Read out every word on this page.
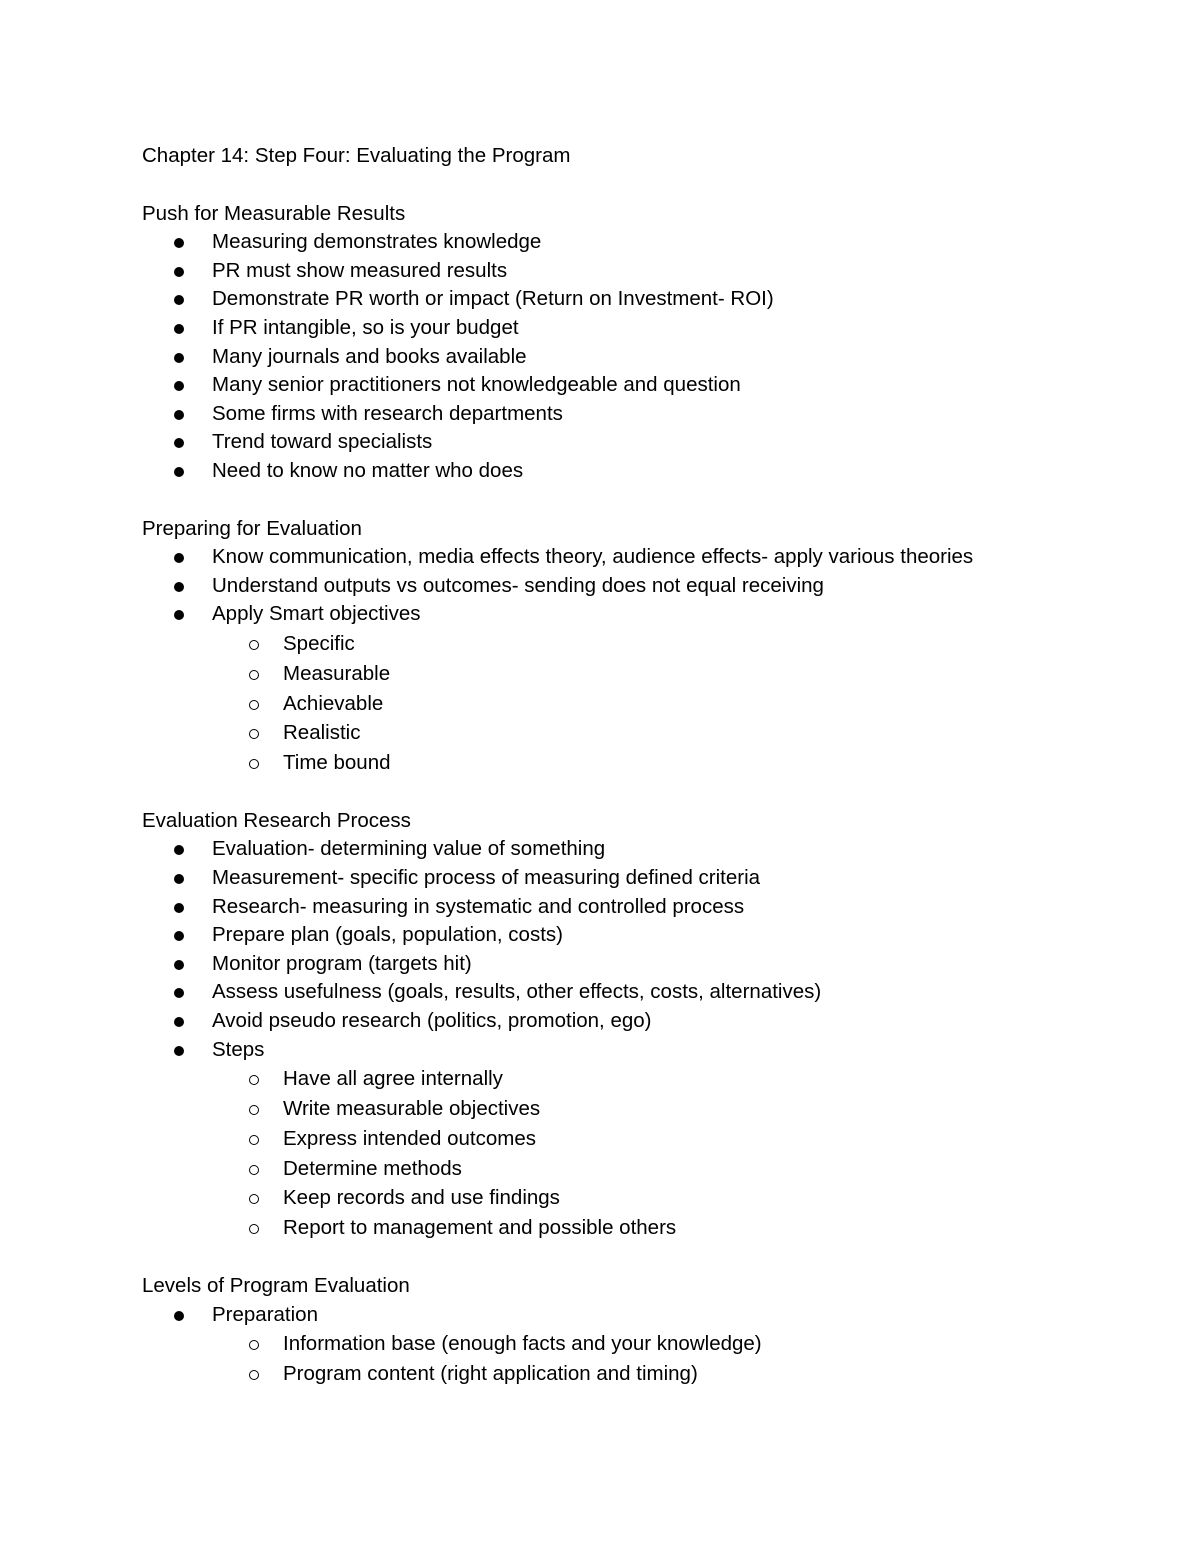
Chapter 14: Step Four: Evaluating the Program
Push for Measurable Results
Measuring demonstrates knowledge
PR must show measured results
Demonstrate PR worth or impact (Return on Investment- ROI)
If PR intangible, so is your budget
Many journals and books available
Many senior practitioners not knowledgeable and question
Some firms with research departments
Trend toward specialists
Need to know no matter who does
Preparing for Evaluation
Know communication, media effects theory, audience effects- apply various theories
Understand outputs vs outcomes- sending does not equal receiving
Apply Smart objectives
Specific
Measurable
Achievable
Realistic
Time bound
Evaluation Research Process
Evaluation- determining value of something
Measurement- specific process of measuring defined criteria
Research- measuring in systematic and controlled process
Prepare plan (goals, population, costs)
Monitor program (targets hit)
Assess usefulness (goals, results, other effects, costs, alternatives)
Avoid pseudo research (politics, promotion, ego)
Steps
Have all agree internally
Write measurable objectives
Express intended outcomes
Determine methods
Keep records and use findings
Report to management and possible others
Levels of Program Evaluation
Preparation
Information base (enough facts and your knowledge)
Program content (right application and timing)
